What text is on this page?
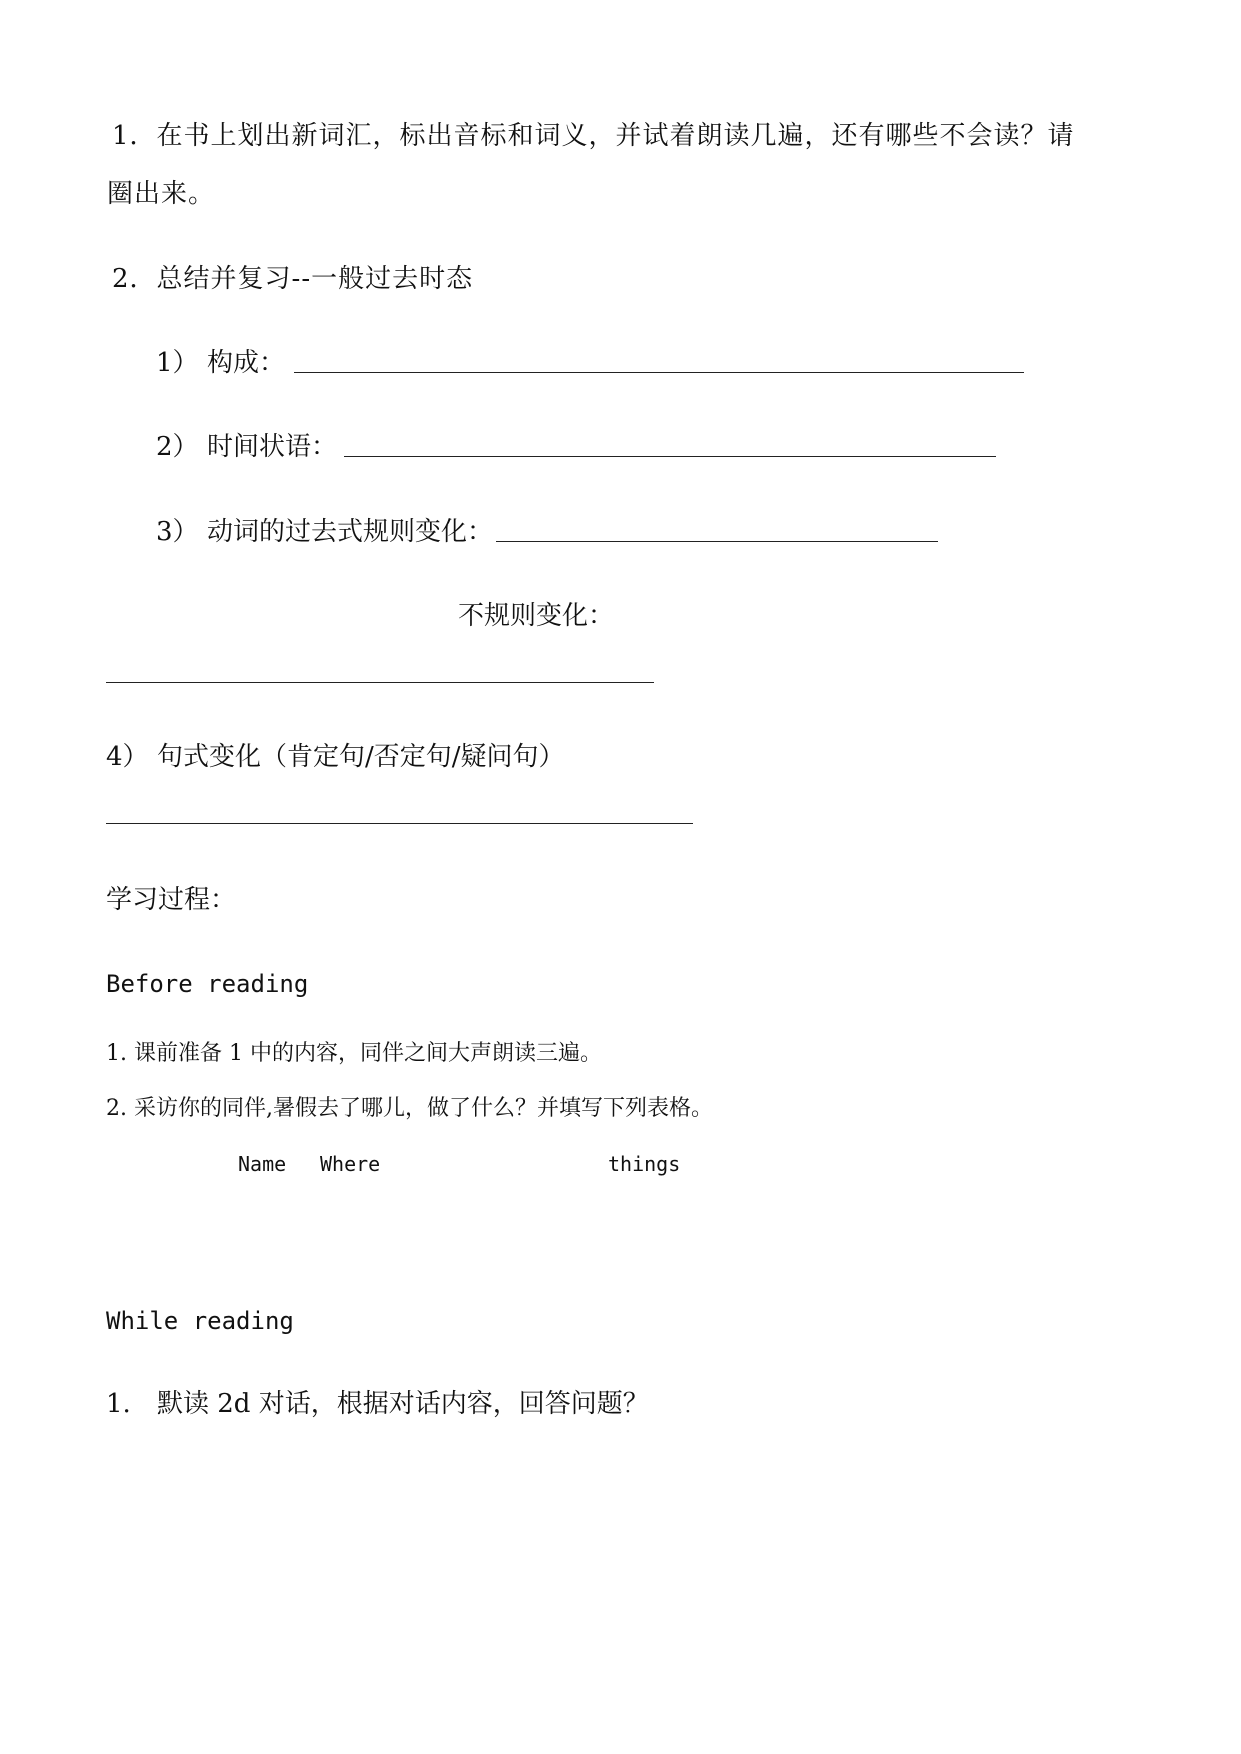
1．在书上划出新词汇，标出音标和词义，并试着朗读几遍，还有哪些不会读？请
圈出来。
2．总结并复习--一般过去时态
1） 构成：
2） 时间状语：
3） 动词的过去式规则变化：
不规则变化：
4） 句式变化（肯定句/否定句/疑问句）
学习过程：
Before reading
1. 课前准备 1 中的内容，同伴之间大声朗读三遍。
2. 采访你的同伴,暑假去了哪儿，做了什么？并填写下列表格。
Name Where	things
While reading
1. 默读 2d 对话，根据对话内容，回答问题？
